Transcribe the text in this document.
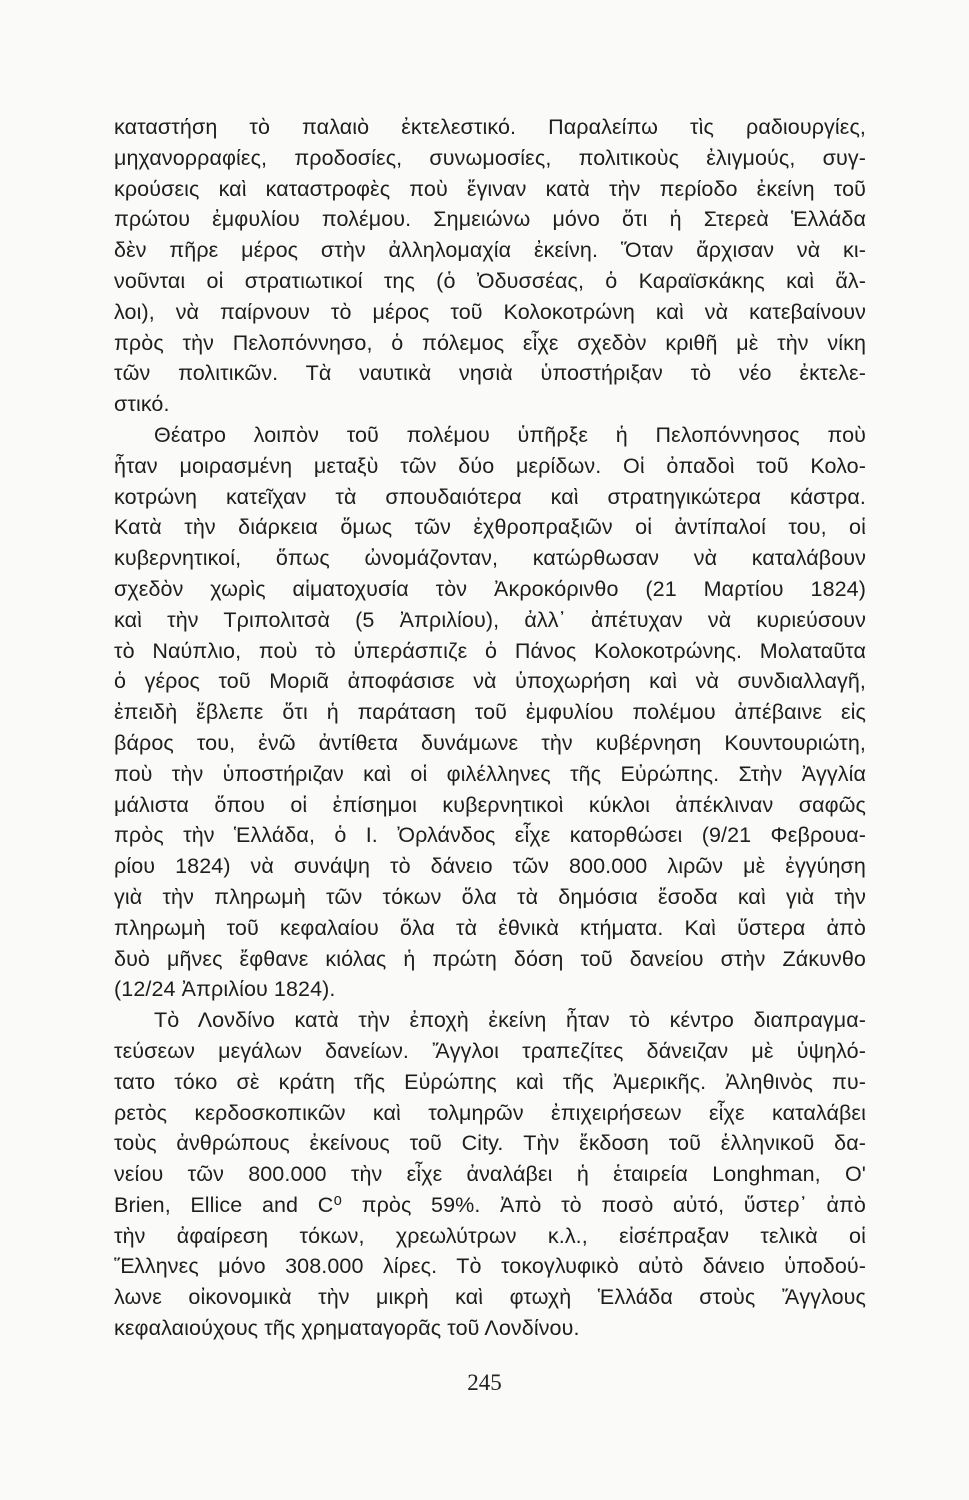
καταστήση τὸ παλαιὸ ἐκτελεστικό. Παραλείπω τὶς ραδιουργίες,
μηχανορραφίες, προδοσίες, συνωμοσίες, πολιτικοὺς ἐλιγμούς, συγ-
κρούσεις καὶ καταστροφὲς ποὺ ἔγιναν κατὰ τὴν περίοδο ἐκείνη τοῦ
πρώτου ἐμφυλίου πολέμου. Σημειώνω μόνο ὅτι ἡ Στερεὰ Ἑλλάδα
δὲν πῆρε μέρος στὴν ἀλληλομαχία ἐκείνη. Ὅταν ἄρχισαν νὰ κι-
νοῦνται οἱ στρατιωτικοί της (ὁ Ὀδυσσέας, ὁ Καραϊσκάκης καὶ ἄλ-
λοι), νὰ παίρνουν τὸ μέρος τοῦ Κολοκοτρώνη καὶ νὰ κατεβαίνουν
πρὸς τὴν Πελοπόννησο, ὁ πόλεμος εἶχε σχεδὸν κριθῆ μὲ τὴν νίκη
τῶν πολιτικῶν. Τὰ ναυτικὰ νησιὰ ὑποστήριξαν τὸ νέο ἐκτελε-
στικό.
Θέατρο λοιπὸν τοῦ πολέμου ὑπῆρξε ἡ Πελοπόννησος ποὺ
ἦταν μοιρασμένη μεταξὺ τῶν δύο μερίδων. Οἱ ὀπαδοὶ τοῦ Κολο-
κοτρώνη κατεῖχαν τὰ σπουδαιότερα καὶ στρατηγικώτερα κάστρα.
Κατὰ τὴν διάρκεια ὅμως τῶν ἐχθροπραξιῶν οἱ ἀντίπαλοί του, οἱ
κυβερνητικοί, ὅπως ὠνομάζονταν, κατώρθωσαν νὰ καταλάβουν
σχεδὸν χωρὶς αἱματοχυσία τὸν Ἀκροκόρινθο (21 Μαρτίου 1824)
καὶ τὴν Τριπολιτσὰ (5 Ἀπριλίου), ἀλλ᾽ ἀπέτυχαν νὰ κυριεύσουν
τὸ Ναύπλιο, ποὺ τὸ ὑπεράσπιζε ὁ Πάνος Κολοκοτρώνης. Μολαταῦτα
ὁ γέρος τοῦ Μοριᾶ ἀποφάσισε νὰ ὑποχωρήση καὶ νὰ συνδιαλλαγῆ,
ἐπειδὴ ἔβλεπε ὅτι ἡ παράταση τοῦ ἐμφυλίου πολέμου ἀπέβαινε εἰς
βάρος του, ἐνῶ ἀντίθετα δυνάμωνε τὴν κυβέρνηση Κουντουριώτη,
ποὺ τὴν ὑποστήριζαν καὶ οἱ φιλέλληνες τῆς Εὐρώπης. Στὴν Ἀγγλία
μάλιστα ὅπου οἱ ἐπίσημοι κυβερνητικοὶ κύκλοι ἀπέκλιναν σαφῶς
πρὸς τὴν Ἑλλάδα, ὁ Ι. Ὀρλάνδος εἶχε κατορθώσει (9/21 Φεβρουα-
ρίου 1824) νὰ συνάψη τὸ δάνειο τῶν 800.000 λιρῶν μὲ ἐγγύηση
γιὰ τὴν πληρωμὴ τῶν τόκων ὅλα τὰ δημόσια ἔσοδα καὶ γιὰ τὴν
πληρωμὴ τοῦ κεφαλαίου ὅλα τὰ ἐθνικὰ κτήματα. Καὶ ὕστερα ἀπὸ
δυὸ μῆνες ἔφθανε κιόλας ἡ πρώτη δόση τοῦ δανείου στὴν Ζάκυνθο
(12/24 Ἀπριλίου 1824).
Τὸ Λονδίνο κατὰ τὴν ἐποχὴ ἐκείνη ἦταν τὸ κέντρο διαπραγμα-
τεύσεων μεγάλων δανείων. Ἄγγλοι τραπεζίτες δάνειζαν μὲ ὑψηλό-
τατο τόκο σὲ κράτη τῆς Εὐρώπης καὶ τῆς Ἀμερικῆς. Ἀληθινὸς πυ-
ρετὸς κερδοσκοπικῶν καὶ τολμηρῶν ἐπιχειρήσεων εἶχε καταλάβει
τοὺς ἀνθρώπους ἐκείνους τοῦ City. Τὴν ἔκδοση τοῦ ἑλληνικοῦ δα-
νείου τῶν 800.000 τὴν εἶχε ἀναλάβει ἡ ἑταιρεία Longhman, O'
Brien, Ellice and C⁰ πρὸς 59%. Ἀπὸ τὸ ποσὸ αὐτό, ὕστερ᾽ ἀπὸ
τὴν ἀφαίρεση τόκων, χρεωλύτρων κ.λ., εἰσέπραξαν τελικὰ οἱ
Ἕλληνες μόνο 308.000 λίρες. Τὸ τοκογλυφικὸ αὐτὸ δάνειο ὑποδού-
λωνε οἰκονομικὰ τὴν μικρὴ καὶ φτωχὴ Ἑλλάδα στοὺς Ἄγγλους
κεφαλαιούχους τῆς χρηματαγορᾶς τοῦ Λονδίνου.
245
